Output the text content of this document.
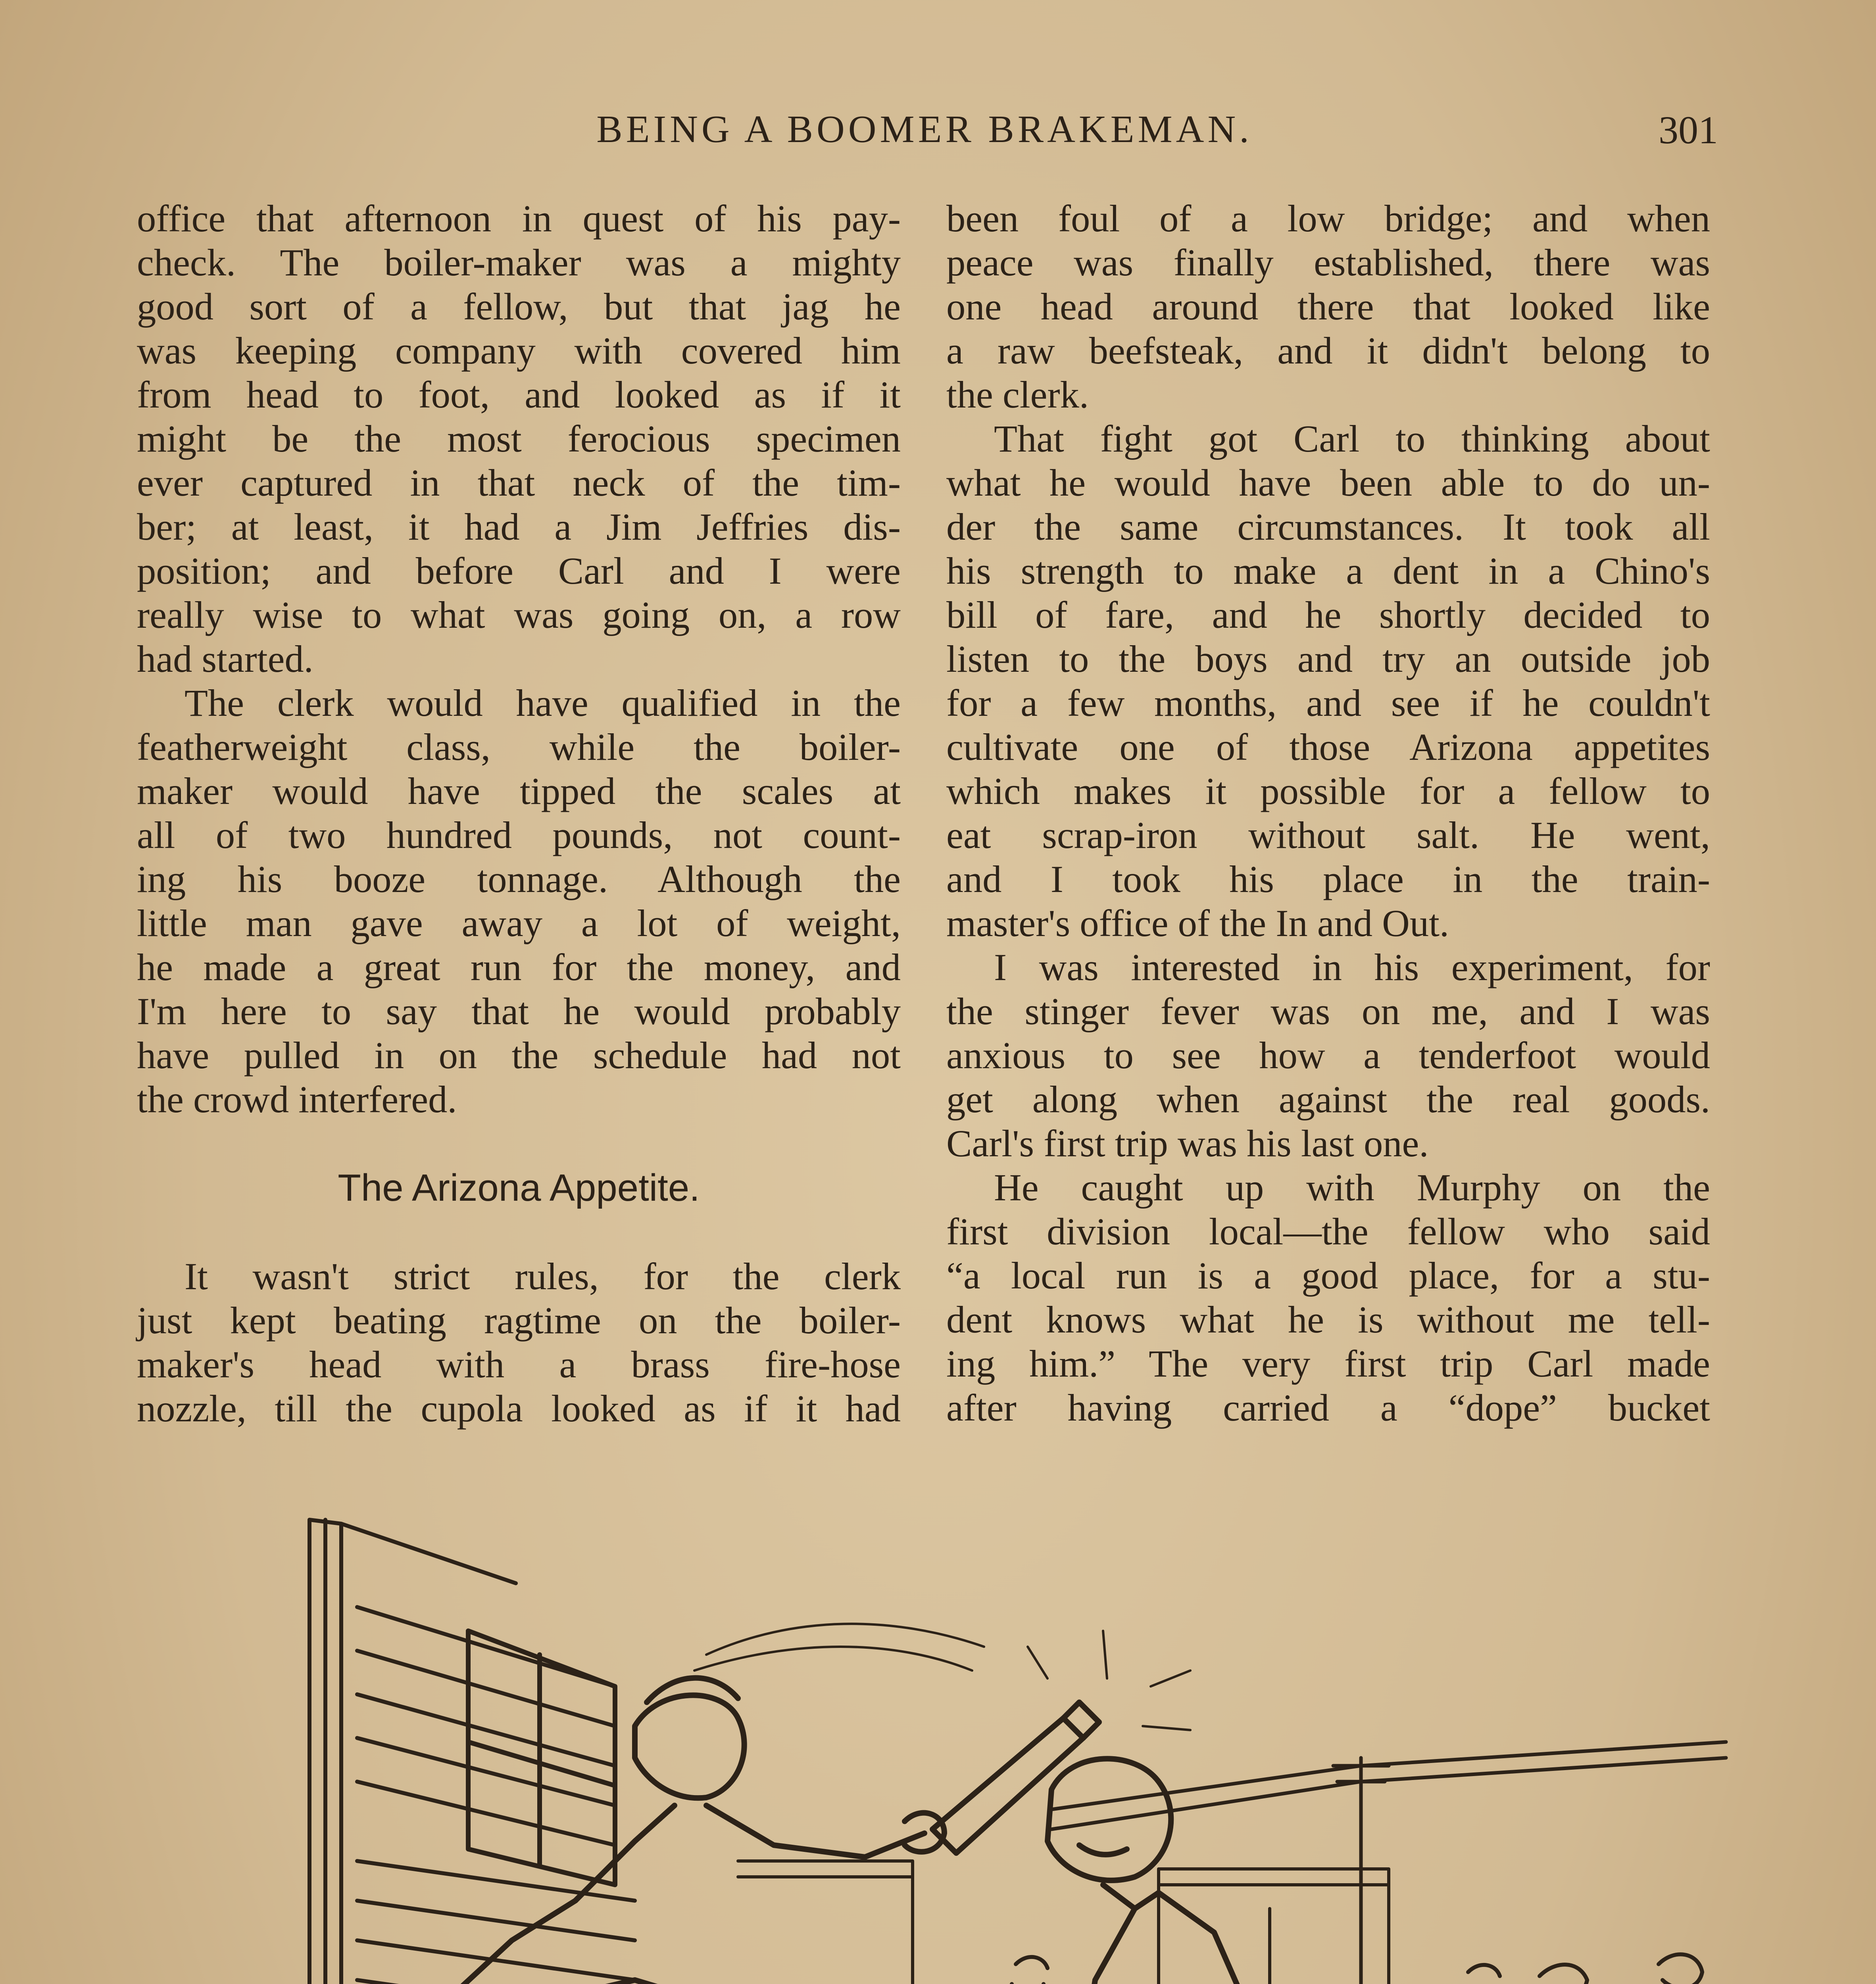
BEING A BOOMER BRAKEMAN.	301
office that afternoon in quest of his pay-
check. The boiler-maker was a mighty
good sort of a fellow, but that jag he
was keeping company with covered him
from head to foot, and looked as if it
might be the most ferocious specimen
ever captured in that neck of the tim-
ber; at least, it had a Jim Jeffries dis-
position; and before Carl and I were
really wise to what was going on, a row
had started.
The clerk would have qualified in the
featherweight class, while the boiler-
maker would have tipped the scales at
all of two hundred pounds, not count-
ing his booze tonnage. Although the
little man gave away a lot of weight,
he made a great run for the money, and
I'm here to say that he would probably
have pulled in on the schedule had not
the crowd interfered.
The Arizona Appetite.
It wasn't strict rules, for the clerk
just kept beating ragtime on the boiler-
maker's head with a brass fire-hose
nozzle, till the cupola looked as if it had
been foul of a low bridge; and when
peace was finally established, there was
one head around there that looked like
a raw beefsteak, and it didn't belong to
the clerk.
That fight got Carl to thinking about
what he would have been able to do un-
der the same circumstances. It took all
his strength to make a dent in a Chino's
bill of fare, and he shortly decided to
listen to the boys and try an outside job
for a few months, and see if he couldn't
cultivate one of those Arizona appetites
which makes it possible for a fellow to
eat scrap-iron without salt. He went,
and I took his place in the train-
master's office of the In and Out.
I was interested in his experiment, for
the stinger fever was on me, and I was
anxious to see how a tenderfoot would
get along when against the real goods.
Carl's first trip was his last one.
He caught up with Murphy on the
first division local—the fellow who said
“a local run is a good place, for a stu-
dent knows what he is without me tell-
ing him.” The very first trip Carl made
after having carried a “dope” bucket
